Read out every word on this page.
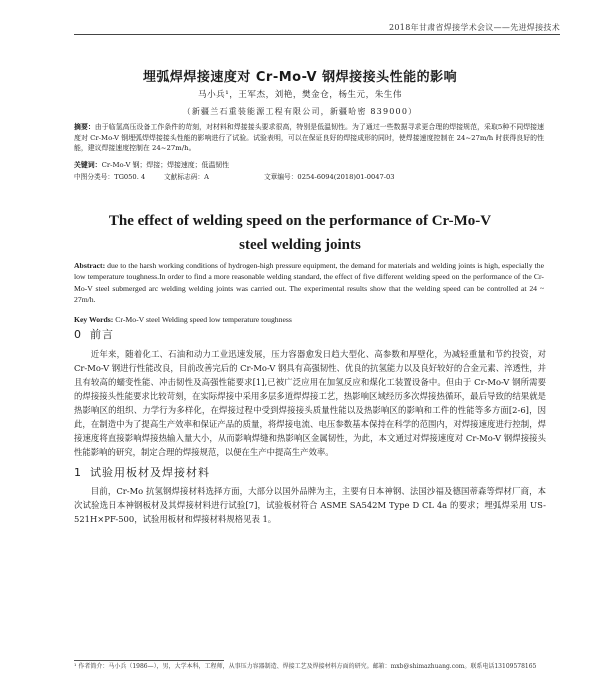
2018年甘肃省焊接学术会议——先进焊接技术
埋弧焊焊接速度对 Cr-Mo-V 钢焊接接头性能的影响
马小兵¹，王军杰，刘艳，樊金仓，杨生元，朱生伟
（新疆兰石重装能源工程有限公司，新疆哈密 839000）
摘要：由于临氢高压设备工作条件的苛刻，对材料和焊接接头要求很高，特别是低温韧性。为了通过一些数据寻求更合理的焊接规范，采取5种不同焊接速度对 Cr-Mo-V 钢埋弧焊焊接接头性能的影响进行了试验。试验表明，可以在保证良好的焊接成形的同时，使焊接速度控制在 24~27m/h 时获得良好的性能，建议焊接速度控制在 24~27m/h。
关键词：Cr-Mo-V 钢；焊接；焊接速度；低温韧性
中图分类号：TG050. 4	文献标志码：A	文章编号：0254-6094(2018)01-0047-03
The effect of welding speed on the performance of Cr-Mo-V
steel welding joints
Abstract: due to the harsh working conditions of hydrogen-high pressure equipment, the demand for materials and welding joints is high, especially the low temperature toughness.In order to find a more reasonable welding standard, the effect of five different welding speed on the performance of the Cr-Mo-V steel submerged arc welding welding joints was carried out. The experimental results show that the welding speed can be controlled at 24 ~ 27m/h.
Key Words: Cr-Mo-V steel Welding speed low temperature toughness
0 前言

近年来，随着化工、石油和动力工业迅速发展，压力容器愈发日趋大型化、高参数和厚壁化，为减轻重量和节约投资，对 Cr-Mo-V 钢进行性能改良，目前改善完后的 Cr-Mo-V 钢具有高强韧性、优良的抗氢能力以及良好较好的合金元素、淬透性，并且有较高的蠕变性能、冲击韧性及高强性能要求[1],已被广泛应用在加氢反应和煤化工装置设备中。但由于 Cr-Mo-V 钢所需要的焊接接头性能要求比较苛刻，在实际焊接中采用多层多道焊焊接工艺，热影响区域经历多次焊接热循环，最后导致的结果就是热影响区的组织、力学行为多样化，在焊接过程中受到焊接接头质量性能以及热影响区的影响和工件的性能等多方面[2-6]，因此，在制造中为了提高生产效率和保证产品的质量，将焊接电流、电压参数基本保持在科学的范围内，对焊接速度进行控制，焊接速度将直接影响焊接热输入量大小，从而影响焊缝和热影响区金属韧性，为此，本文通过对焊接速度对 Cr-Mo-V 钢焊接接头性能影响的研究，制定合理的焊接规范，以便在生产中提高生产效率。

1 试验用板材及焊接材料

目前，Cr-Mo 抗氢钢焊接材料选择方面，大部分以国外品牌为主，主要有日本神钢、法国沙福及德国蒂森等焊材厂商，本次试验选日本神钢板材及其焊接材料进行试验[7]，试验板材符合 ASME SA542M Type D CL 4a 的要求；埋弧焊采用 US-521H×PF-500，试验用板材和焊接材料规格见表 1。

¹ 作者简介：马小兵（1986—），男，大学本科，工程师，从事压力容器制造、焊接工艺及焊接材料方面的研究。邮箱：mxb@shimazhuang.com。联系电话13109578165
